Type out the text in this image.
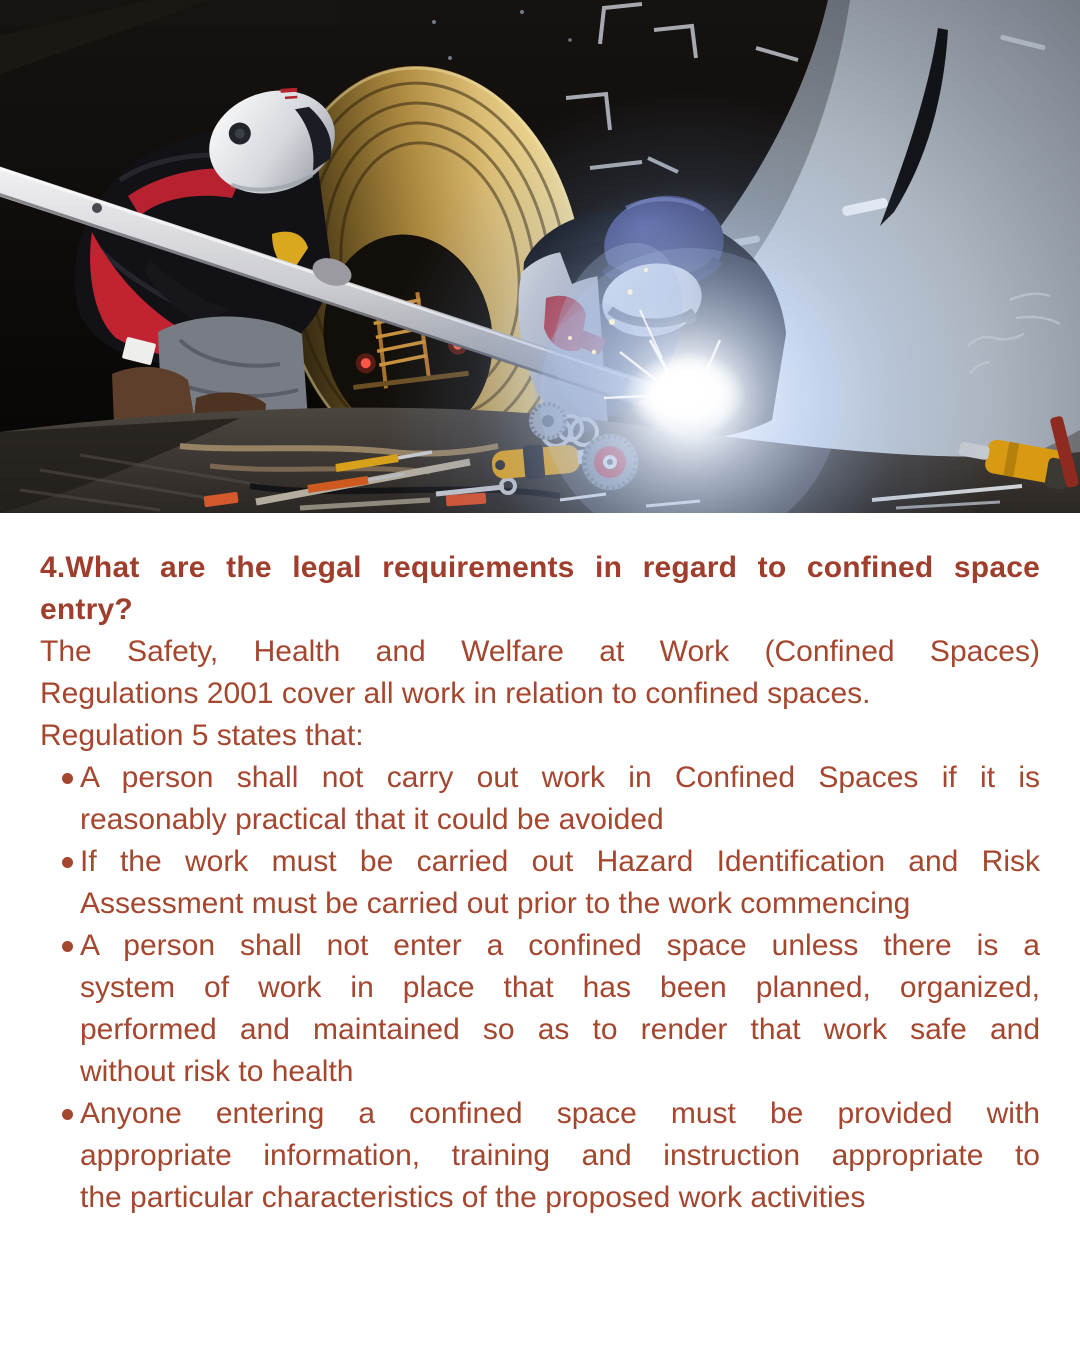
4.What are the legal requirements in regard to confined space
entry?

The Safety, Health and Welfare at Work (Confined Spaces)
Regulations 2001 cover all work in relation to confined spaces.

Regulation 5 states that:

A person shall not carry out work in Confined Spaces if it is
reasonably practical that it could be avoided
If the work must be carried out Hazard Identification and Risk
Assessment must be carried out prior to the work commencing
A person shall not enter a confined space unless there is a
system of work in place that has been planned, organized,
performed and maintained so as to render that work safe and
without risk to health
Anyone entering a confined space must be provided with
appropriate information, training and instruction appropriate to
the particular characteristics of the proposed work activities
